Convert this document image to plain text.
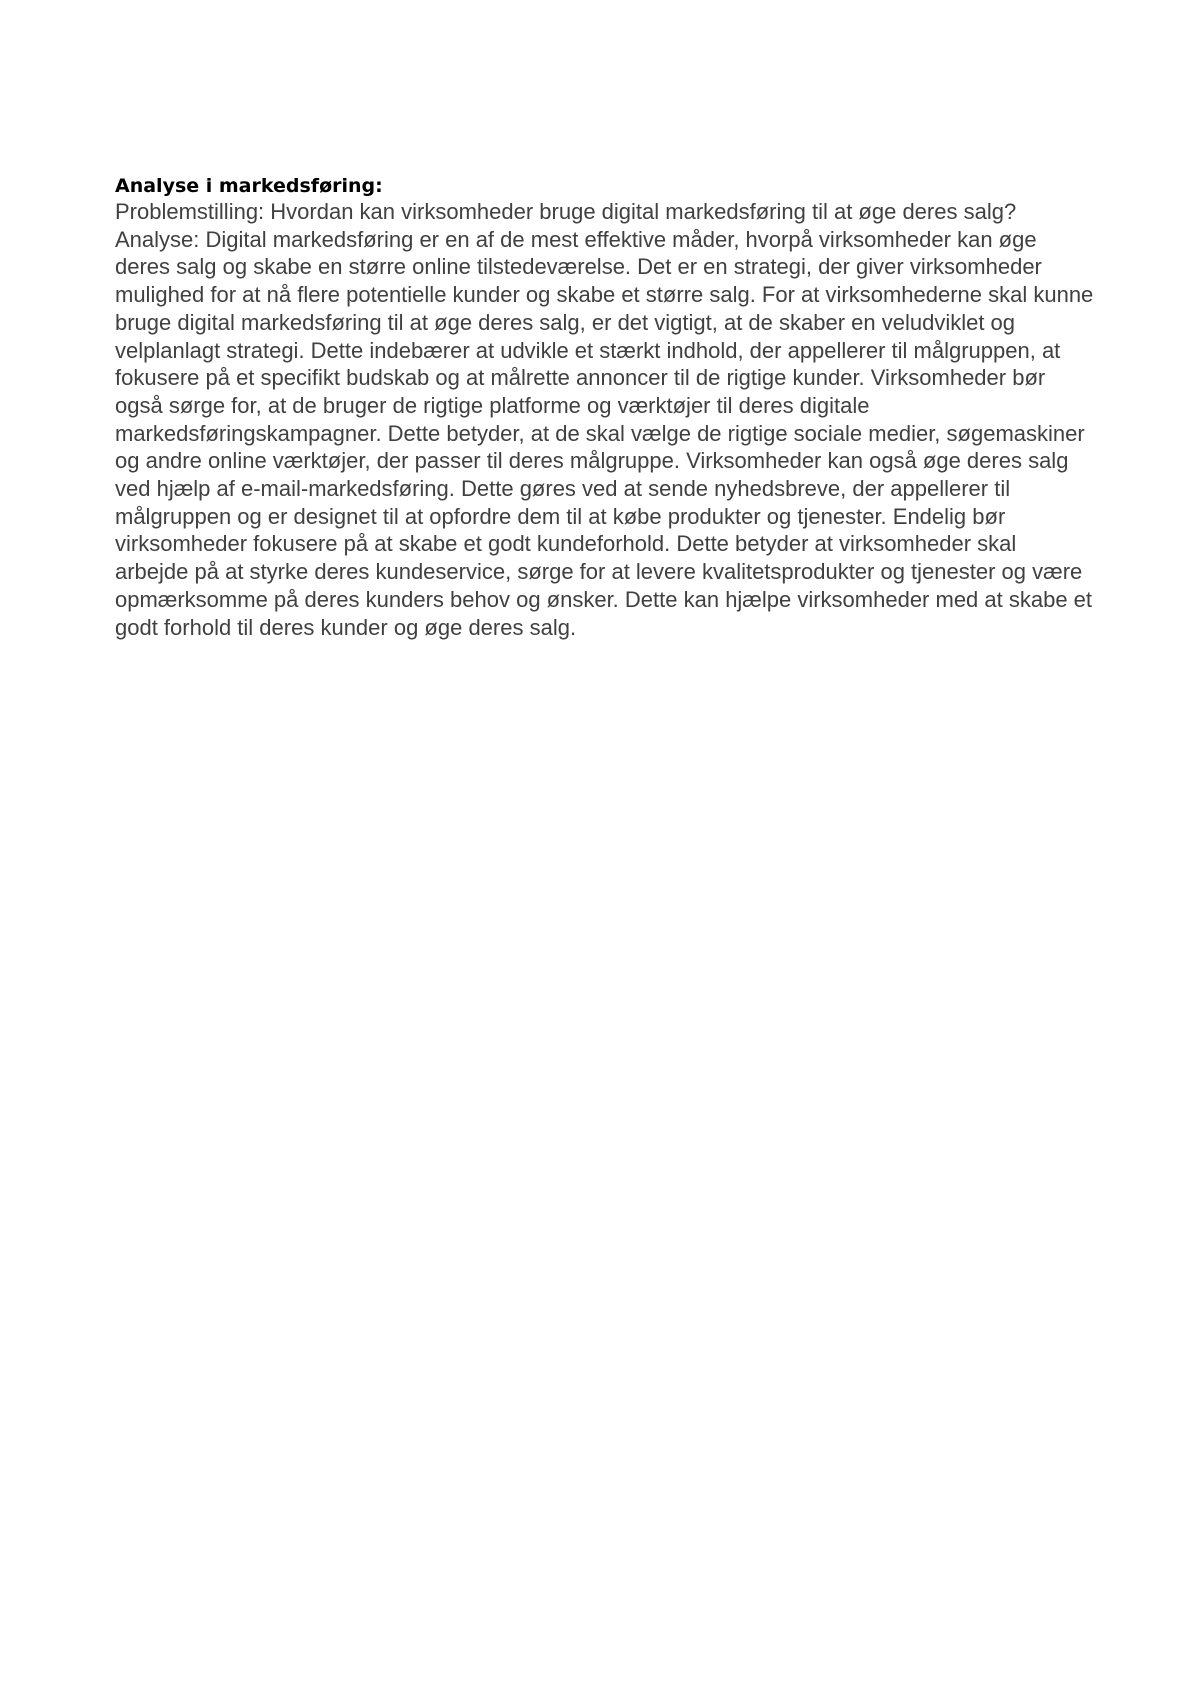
Analyse i markedsføring:

Problemstilling: Hvordan kan virksomheder bruge digital markedsføring til at øge deres salg? Analyse: Digital markedsføring er en af de mest effektive måder, hvorpå virksomheder kan øge deres salg og skabe en større online tilstedeværelse. Det er en strategi, der giver virksomheder mulighed for at nå flere potentielle kunder og skabe et større salg. For at virksomhederne skal kunne bruge digital markedsføring til at øge deres salg, er det vigtigt, at de skaber en veludviklet og velplanlagt strategi. Dette indebærer at udvikle et stærkt indhold, der appellerer til målgruppen, at fokusere på et specifikt budskab og at målrette annoncer til de rigtige kunder. Virksomheder bør også sørge for, at de bruger de rigtige platforme og værktøjer til deres digitale markedsføringskampagner. Dette betyder, at de skal vælge de rigtige sociale medier, søgemaskiner og andre online værktøjer, der passer til deres målgruppe. Virksomheder kan også øge deres salg ved hjælp af e-mail-markedsføring. Dette gøres ved at sende nyhedsbreve, der appellerer til målgruppen og er designet til at opfordre dem til at købe produkter og tjenester. Endelig bør virksomheder fokusere på at skabe et godt kundeforhold. Dette betyder at virksomheder skal arbejde på at styrke deres kundeservice, sørge for at levere kvalitetsprodukter og tjenester og være opmærksomme på deres kunders behov og ønsker. Dette kan hjælpe virksomheder med at skabe et godt forhold til deres kunder og øge deres salg.
